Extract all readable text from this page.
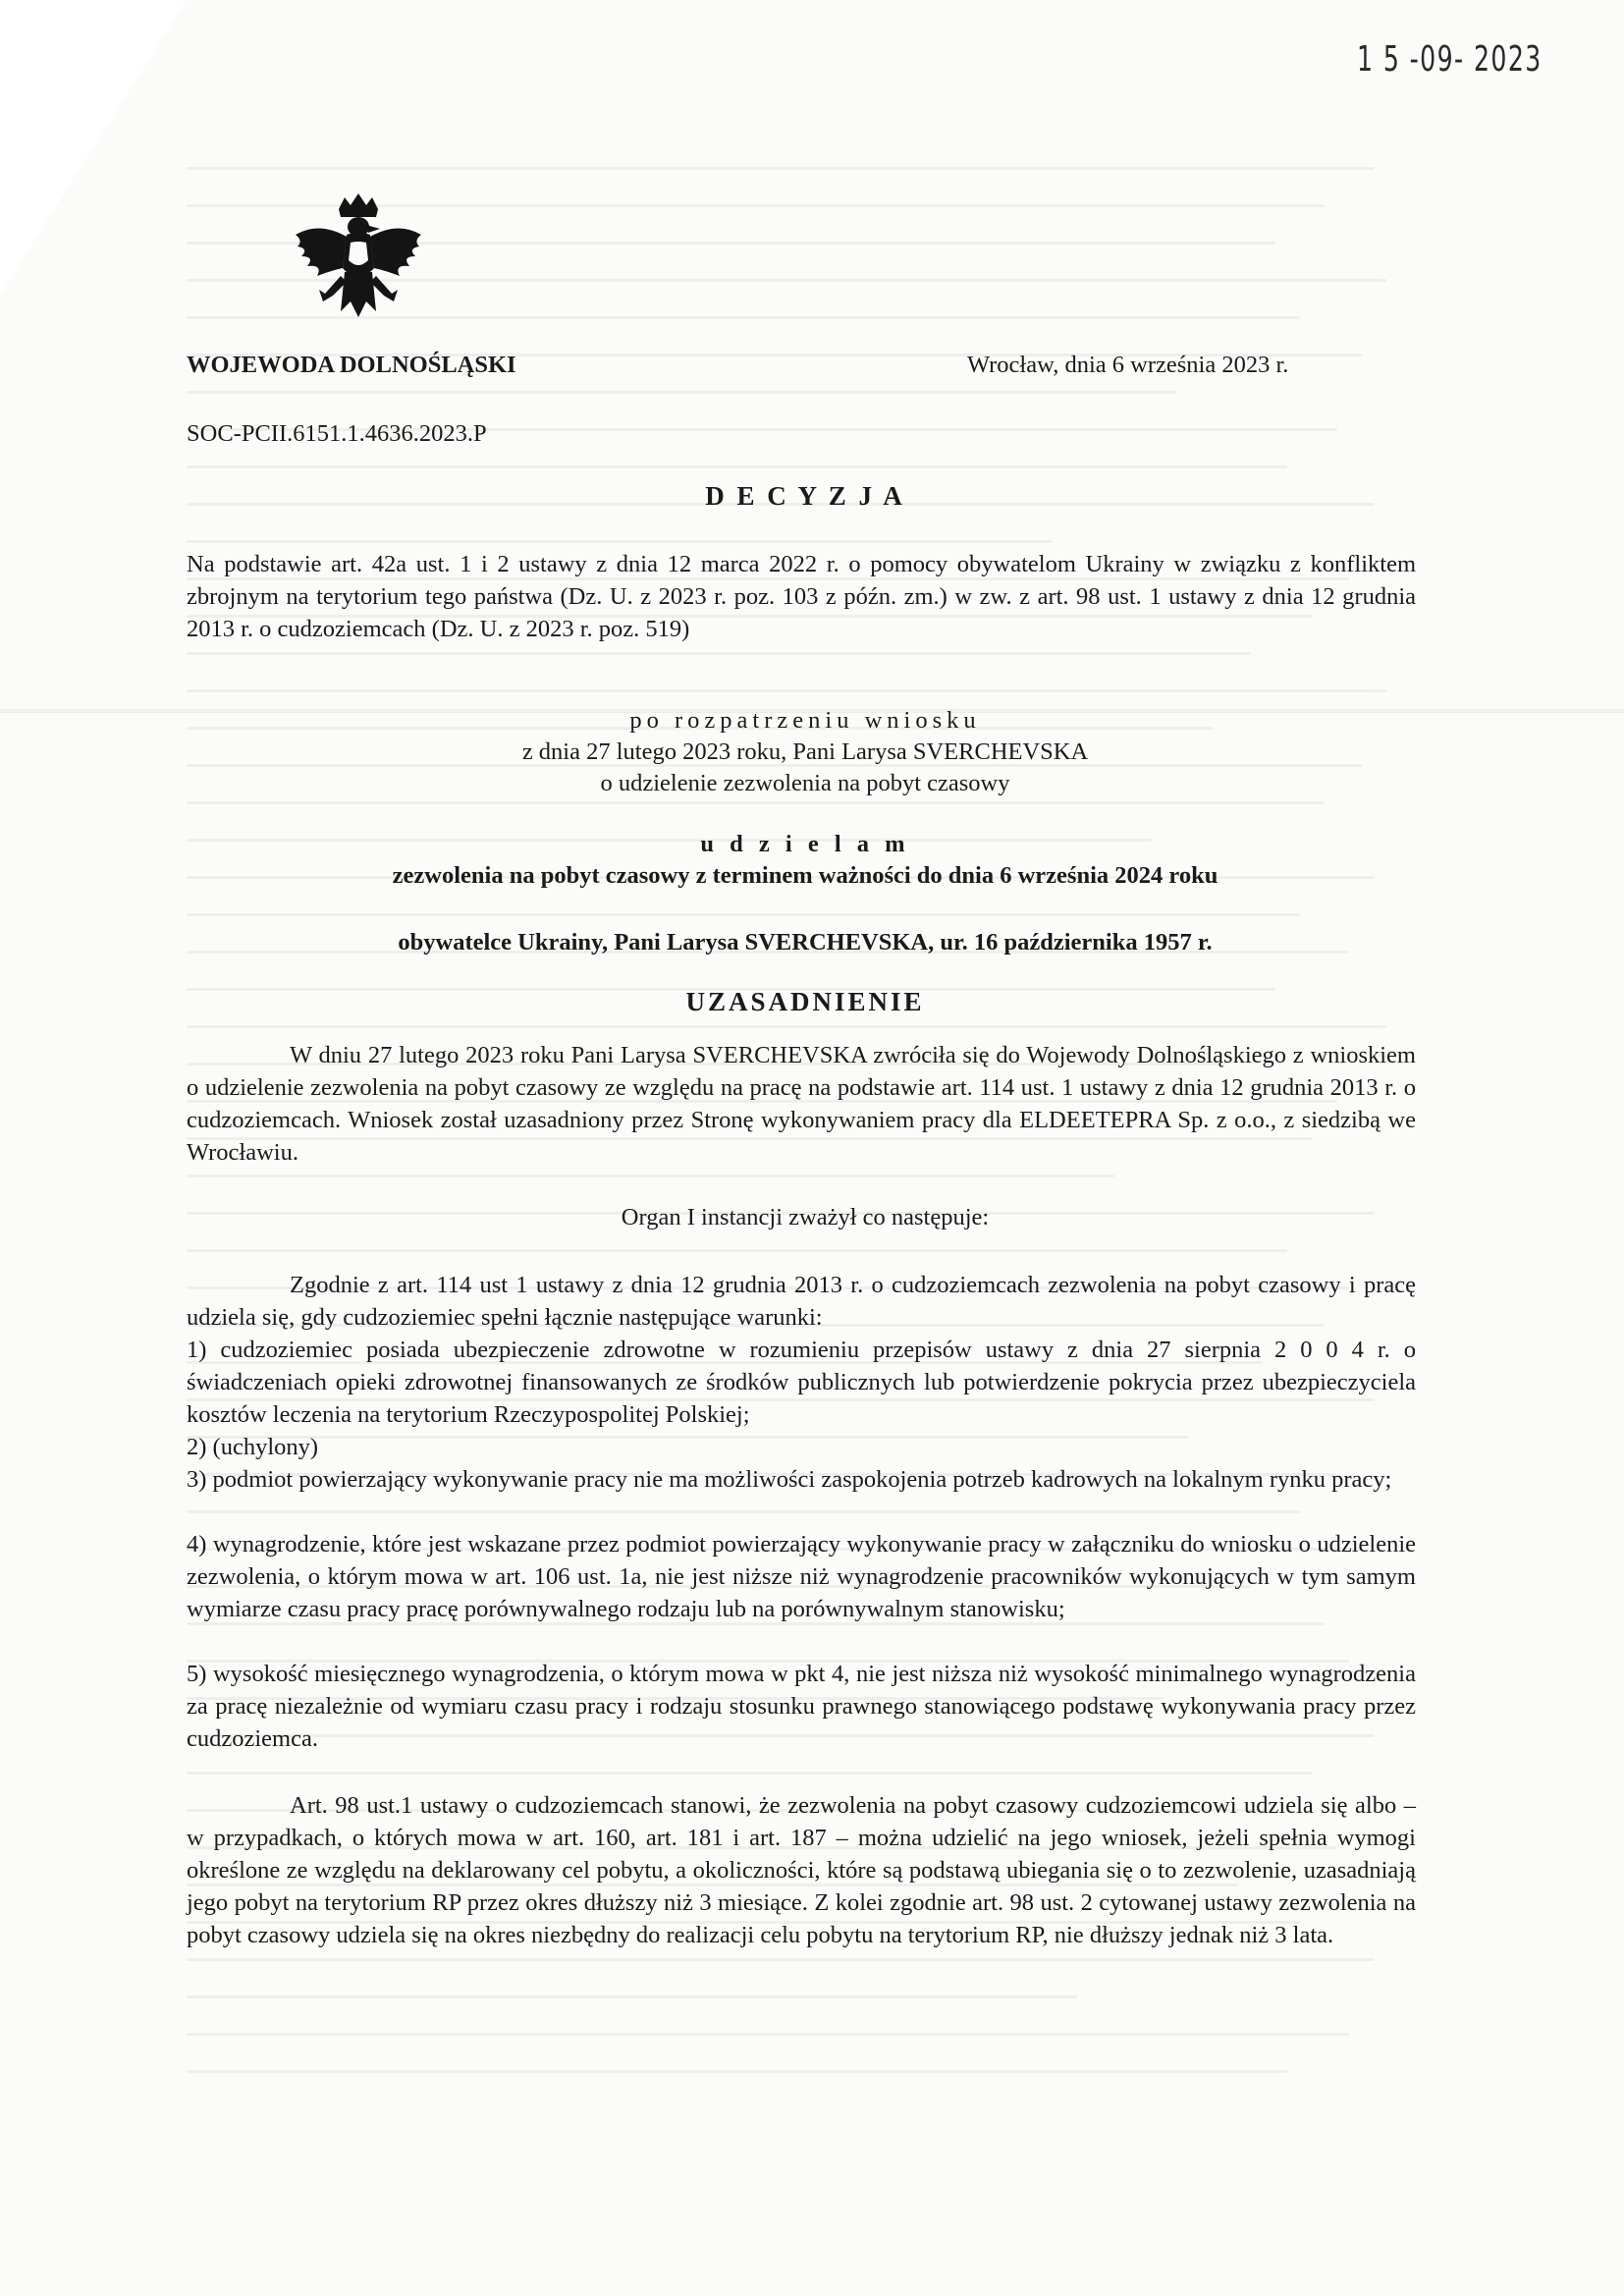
1 5 -09- 2023
WOJEWODA DOLNOŚLĄSKI	Wrocław, dnia 6 września 2023 r.
SOC-PCII.6151.1.4636.2023.P
D E C Y Z J A
Na podstawie art. 42a ust. 1 i 2 ustawy z dnia 12 marca 2022 r. o pomocy obywatelom Ukrainy w związku z konfliktem zbrojnym na terytorium tego państwa (Dz. U. z 2023 r. poz. 103 z późn. zm.) w zw. z art. 98 ust. 1 ustawy z dnia 12 grudnia 2013 r. o cudzoziemcach (Dz. U. z 2023 r. poz. 519)
po rozpatrzeniu wniosku
z dnia 27 lutego 2023 roku, Pani Larysa SVERCHEVSKA
o udzielenie zezwolenia na pobyt czasowy
u d z i e l a m
zezwolenia na pobyt czasowy z terminem ważności do dnia 6 września 2024 roku
obywatelce Ukrainy, Pani Larysa SVERCHEVSKA, ur. 16 października 1957 r.
UZASADNIENIE
W dniu 27 lutego 2023 roku Pani Larysa SVERCHEVSKA zwróciła się do Wojewody Dolnośląskiego z wnioskiem o udzielenie zezwolenia na pobyt czasowy ze względu na pracę na podstawie art. 114 ust. 1 ustawy z dnia 12 grudnia 2013 r. o cudzoziemcach. Wniosek został uzasadniony przez Stronę wykonywaniem pracy dla ELDEETEPRA Sp. z o.o., z siedzibą we Wrocławiu.
Organ I instancji zważył co następuje:
Zgodnie z art. 114 ust 1 ustawy z dnia 12 grudnia 2013 r. o cudzoziemcach zezwolenia na pobyt czasowy i pracę udziela się, gdy cudzoziemiec spełni łącznie następujące warunki:
1) cudzoziemiec posiada ubezpieczenie zdrowotne w rozumieniu przepisów ustawy z dnia 27 sierpnia 2 0 0 4 r. o świadczeniach opieki zdrowotnej finansowanych ze środków publicznych lub potwierdzenie pokrycia przez ubezpieczyciela kosztów leczenia na terytorium Rzeczypospolitej Polskiej;
2) (uchylony)
3) podmiot powierzający wykonywanie pracy nie ma możliwości zaspokojenia potrzeb kadrowych na lokalnym rynku pracy;
4) wynagrodzenie, które jest wskazane przez podmiot powierzający wykonywanie pracy w załączniku do wniosku o udzielenie zezwolenia, o którym mowa w art. 106 ust. 1a, nie jest niższe niż wynagrodzenie pracowników wykonujących w tym samym wymiarze czasu pracy pracę porównywalnego rodzaju lub na porównywalnym stanowisku;
5) wysokość miesięcznego wynagrodzenia, o którym mowa w pkt 4, nie jest niższa niż wysokość minimalnego wynagrodzenia za pracę niezależnie od wymiaru czasu pracy i rodzaju stosunku prawnego stanowiącego podstawę wykonywania pracy przez cudzoziemca.
Art. 98 ust.1 ustawy o cudzoziemcach stanowi, że zezwolenia na pobyt czasowy cudzoziemcowi udziela się albo – w przypadkach, o których mowa w art. 160, art. 181 i art. 187 – można udzielić na jego wniosek, jeżeli spełnia wymogi określone ze względu na deklarowany cel pobytu, a okoliczności, które są podstawą ubiegania się o to zezwolenie, uzasadniają jego pobyt na terytorium RP przez okres dłuższy niż 3 miesiące. Z kolei zgodnie art. 98 ust. 2 cytowanej ustawy zezwolenia na pobyt czasowy udziela się na okres niezbędny do realizacji celu pobytu na terytorium RP, nie dłuższy jednak niż 3 lata.
